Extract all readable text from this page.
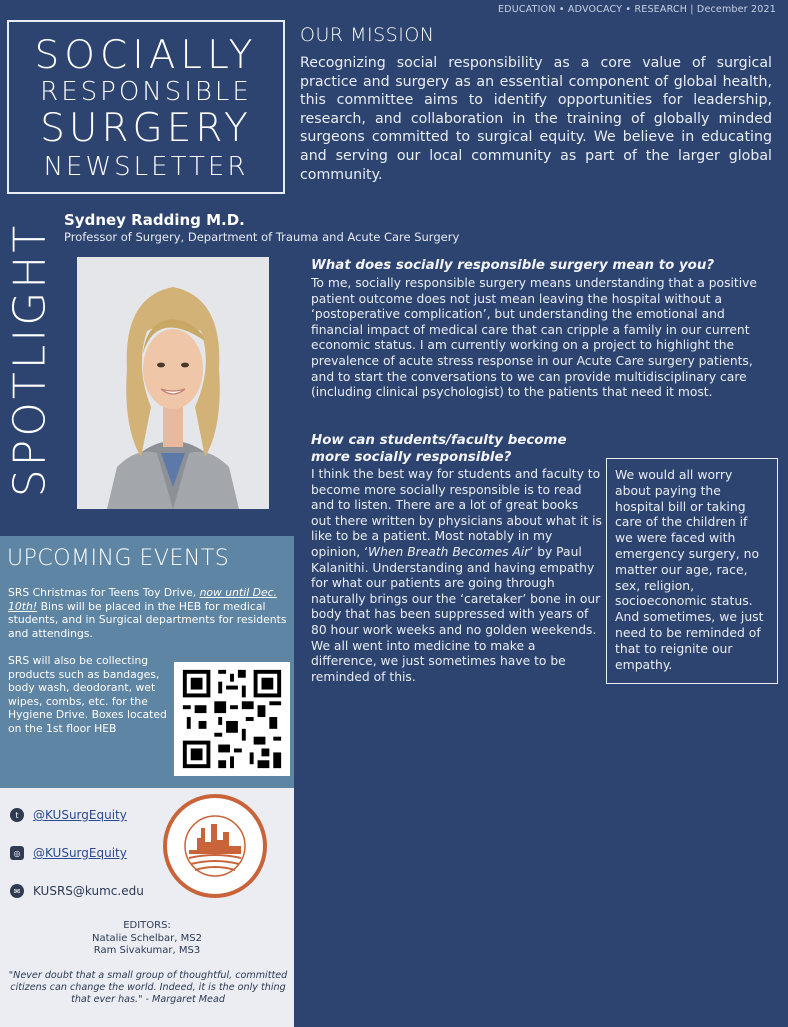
EDUCATION • ADVOCACY • RESEARCH | December 2021
SOCIALLY
RESPONSIBLE
SURGERY
NEWSLETTER
OUR MISSION
Recognizing social responsibility as a core value of surgical practice and surgery as an essential component of global health, this committee aims to identify opportunities for leadership, research, and collaboration in the training of globally minded surgeons committed to surgical equity. We believe in educating and serving our local community as part of the larger global community.
SPOTLIGHT
Sydney Radding M.D.
Professor of Surgery, Department of Trauma and Acute Care Surgery
What does socially responsible surgery mean to you?
To me, socially responsible surgery means understanding that a positive patient outcome does not just mean leaving the hospital without a ‘postoperative complication’, but understanding the emotional and financial impact of medical care that can cripple a family in our current economic status. I am currently working on a project to highlight the prevalence of acute stress response in our Acute Care surgery patients, and to start the conversations to we can provide multidisciplinary care (including clinical psychologist) to the patients that need it most.
How can students/faculty become
more socially responsible?
I think the best way for students and faculty to become more socially responsible is to read and to listen. There are a lot of great books out there written by physicians about what it is like to be a patient. Most notably in my opinion, ‘When Breath Becomes Air’ by Paul Kalanithi. Understanding and having empathy for what our patients are going through naturally brings our the ‘caretaker’ bone in our body that has been suppressed with years of 80 hour work weeks and no golden weekends. We all went into medicine to make a difference, we just sometimes have to be reminded of this.
We would all worry about paying the hospital bill or taking care of the children if we were faced with emergency surgery, no matter our age, race, sex, religion, socioeconomic status. And sometimes, we just need to be reminded of that to reignite our empathy.
UPCOMING EVENTS
SRS Christmas for Teens Toy Drive, now until Dec. 10th! Bins will be placed in the HEB for medical students, and in Surgical departments for residents and attendings.
SRS will also be collecting products such as bandages, body wash, deodorant, wet wipes, combs, etc. for the Hygiene Drive. Boxes located on the 1st floor HEB
t	@KUSurgEquity
◎ @KUSurgEquity
✉	KUSRS@kumc.edu
EDITORS:
Natalie Schelbar, MS2
Ram Sivakumar, MS3
"Never doubt that a small group of thoughtful, committed citizens can change the world. Indeed, it is the only thing that ever has." - Margaret Mead
